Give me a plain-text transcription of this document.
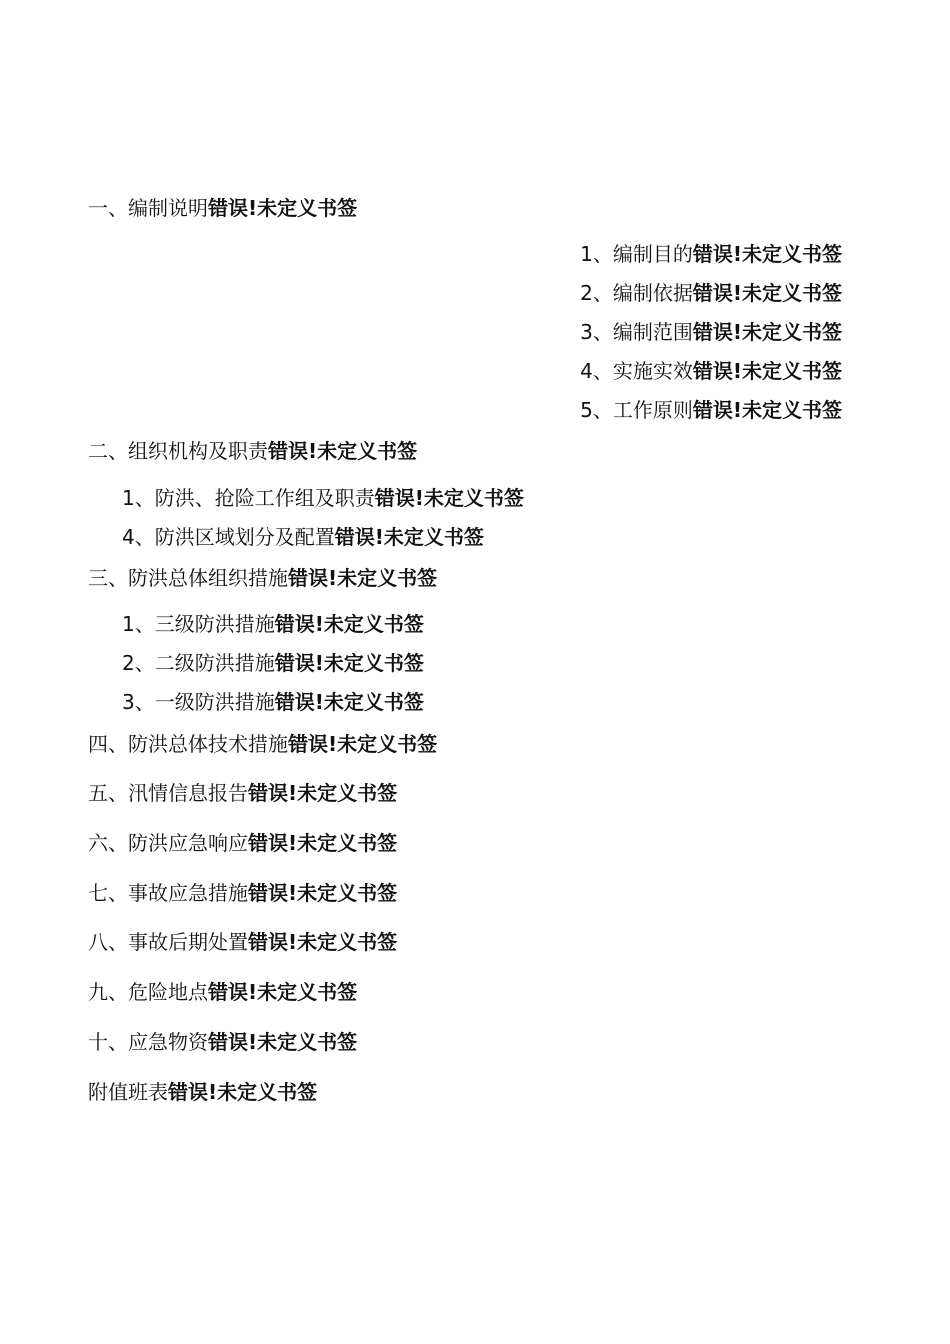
一、编制说明错误!未定义书签
1、编制目的错误!未定义书签
2、编制依据错误!未定义书签
3、编制范围错误!未定义书签
4、实施实效错误!未定义书签
5、工作原则错误!未定义书签
二、组织机构及职责错误!未定义书签
1、防洪、抢险工作组及职责错误!未定义书签
4、防洪区域划分及配置错误!未定义书签
三、防洪总体组织措施错误!未定义书签
1、三级防洪措施错误!未定义书签
2、二级防洪措施错误!未定义书签
3、一级防洪措施错误!未定义书签
四、防洪总体技术措施错误!未定义书签
五、汛情信息报告错误!未定义书签
六、防洪应急响应错误!未定义书签
七、事故应急措施错误!未定义书签
八、事故后期处置错误!未定义书签
九、危险地点错误!未定义书签
十、应急物资错误!未定义书签
附值班表错误!未定义书签
